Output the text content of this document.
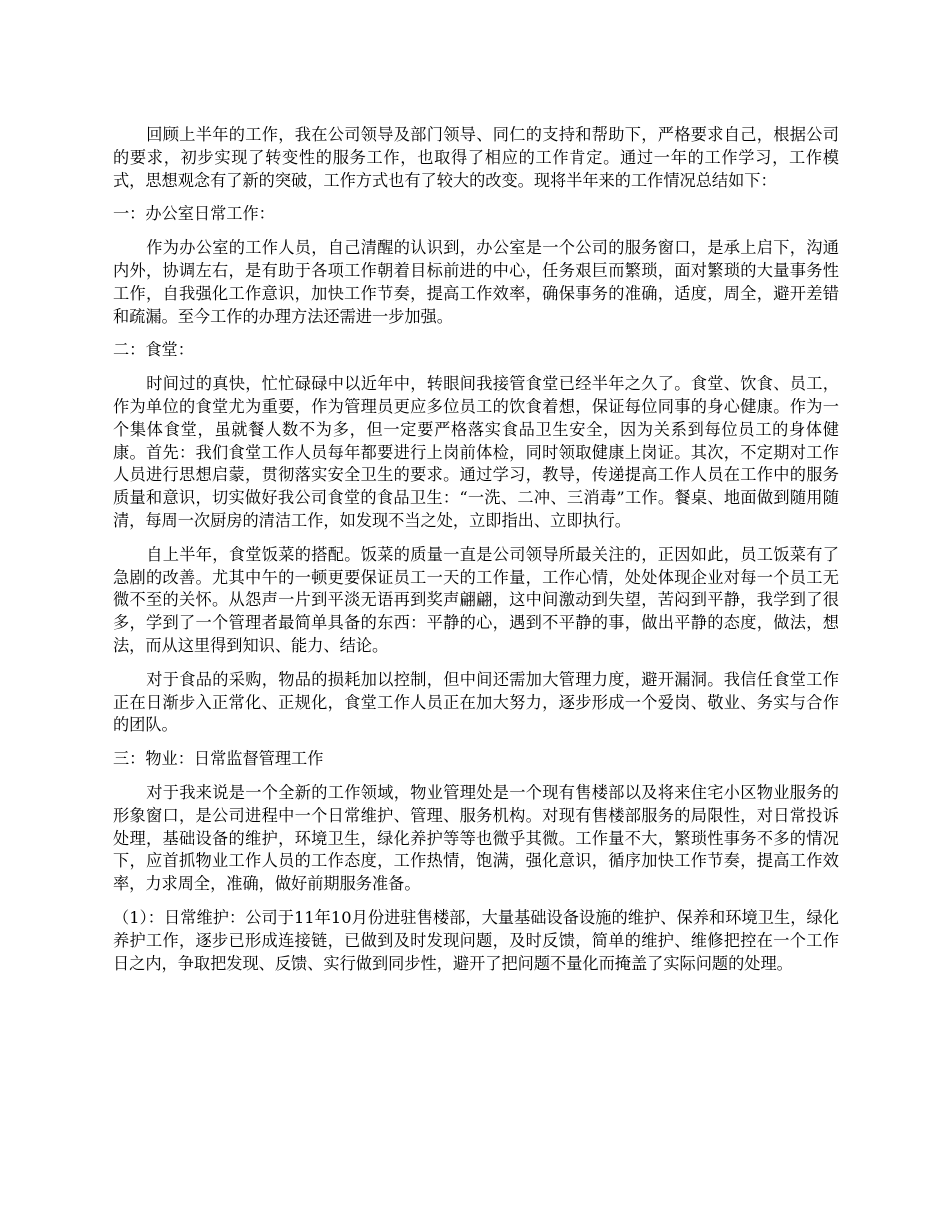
回顾上半年的工作，我在公司领导及部门领导、同仁的支持和帮助下，严格要求自己，根据公司的要求，初步实现了转变性的服务工作，也取得了相应的工作肯定。通过一年的工作学习，工作模式，思想观念有了新的突破，工作方式也有了较大的改变。现将半年来的工作情况总结如下：

一：办公室日常工作：

作为办公室的工作人员，自己清醒的认识到，办公室是一个公司的服务窗口，是承上启下，沟通内外，协调左右，是有助于各项工作朝着目标前进的中心，任务艰巨而繁琐，面对繁琐的大量事务性工作，自我强化工作意识，加快工作节奏，提高工作效率，确保事务的准确，适度，周全，避开差错和疏漏。至今工作的办理方法还需进一步加强。

二：食堂：

时间过的真快，忙忙碌碌中以近年中，转眼间我接管食堂已经半年之久了。食堂、饮食、员工，作为单位的食堂尤为重要，作为管理员更应多位员工的饮食着想，保证每位同事的身心健康。作为一个集体食堂，虽就餐人数不为多，但一定要严格落实食品卫生安全，因为关系到每位员工的身体健康。首先：我们食堂工作人员每年都要进行上岗前体检，同时领取健康上岗证。其次，不定期对工作人员进行思想启蒙，贯彻落实安全卫生的要求。通过学习，教导，传递提高工作人员在工作中的服务质量和意识，切实做好我公司食堂的食品卫生：“一洗、二冲、三消毒”工作。餐桌、地面做到随用随清，每周一次厨房的清洁工作，如发现不当之处，立即指出、立即执行。

自上半年，食堂饭菜的搭配。饭菜的质量一直是公司领导所最关注的，正因如此，员工饭菜有了急剧的改善。尤其中午的一顿更要保证员工一天的工作量，工作心情，处处体现企业对每一个员工无微不至的关怀。从怨声一片到平淡无语再到奖声翩翩，这中间激动到失望，苦闷到平静，我学到了很多，学到了一个管理者最简单具备的东西：平静的心，遇到不平静的事，做出平静的态度，做法，想法，而从这里得到知识、能力、结论。

对于食品的采购，物品的损耗加以控制，但中间还需加大管理力度，避开漏洞。我信任食堂工作正在日渐步入正常化、正规化，食堂工作人员正在加大努力，逐步形成一个爱岗、敬业、务实与合作的团队。

三：物业：日常监督管理工作

对于我来说是一个全新的工作领域，物业管理处是一个现有售楼部以及将来住宅小区物业服务的形象窗口，是公司进程中一个日常维护、管理、服务机构。对现有售楼部服务的局限性，对日常投诉处理，基础设备的维护，环境卫生，绿化养护等等也微乎其微。工作量不大，繁琐性事务不多的情况下，应首抓物业工作人员的工作态度，工作热情，饱满，强化意识，循序加快工作节奏，提高工作效率，力求周全，准确，做好前期服务准备。

（1）：日常维护：公司于11年10月份进驻售楼部，大量基础设备设施的维护、保养和环境卫生，绿化养护工作，逐步已形成连接链，已做到及时发现问题，及时反馈，简单的维护、维修把控在一个工作日之内，争取把发现、反馈、实行做到同步性，避开了把问题不量化而掩盖了实际问题的处理。
